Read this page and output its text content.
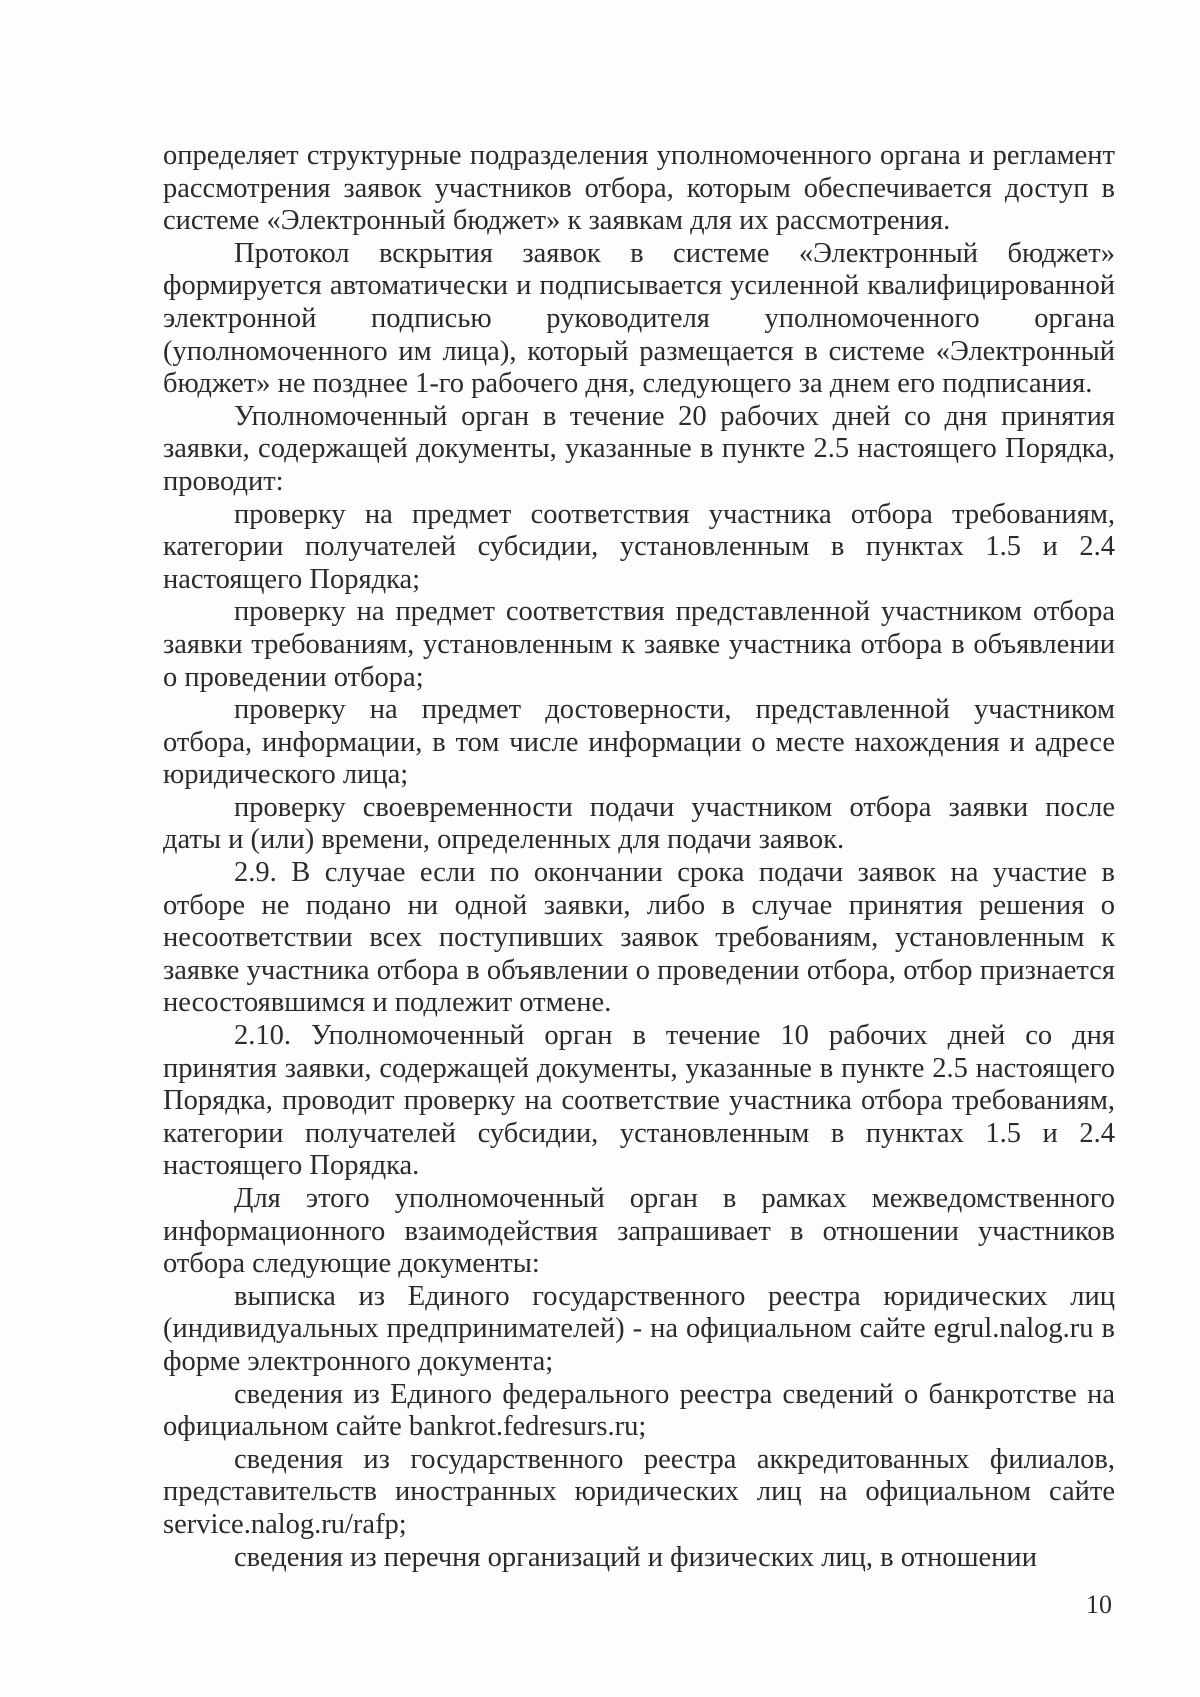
определяет структурные подразделения уполномоченного органа и регламент рассмотрения заявок участников отбора, которым обеспечивается доступ в системе «Электронный бюджет» к заявкам для их рассмотрения.

Протокол вскрытия заявок в системе «Электронный бюджет» формируется автоматически и подписывается усиленной квалифицированной электронной подписью руководителя уполномоченного органа (уполномоченного им лица), который размещается в системе «Электронный бюджет» не позднее 1-го рабочего дня, следующего за днем его подписания.

Уполномоченный орган в течение 20 рабочих дней со дня принятия заявки, содержащей документы, указанные в пункте 2.5 настоящего Порядка, проводит:

проверку на предмет соответствия участника отбора требованиям, категории получателей субсидии, установленным в пунктах 1.5 и 2.4 настоящего Порядка;

проверку на предмет соответствия представленной участником отбора заявки требованиям, установленным к заявке участника отбора в объявлении о проведении отбора;

проверку на предмет достоверности, представленной участником отбора, информации, в том числе информации о месте нахождения и адресе юридического лица;

проверку своевременности подачи участником отбора заявки после даты и (или) времени, определенных для подачи заявок.

2.9. В случае если по окончании срока подачи заявок на участие в отборе не подано ни одной заявки, либо в случае принятия решения о несоответствии всех поступивших заявок требованиям, установленным к заявке участника отбора в объявлении о проведении отбора, отбор признается несостоявшимся и подлежит отмене.

2.10. Уполномоченный орган в течение 10 рабочих дней со дня принятия заявки, содержащей документы, указанные в пункте 2.5 настоящего Порядка, проводит проверку на соответствие участника отбора требованиям, категории получателей субсидии, установленным в пунктах 1.5 и 2.4 настоящего Порядка.

Для этого уполномоченный орган в рамках межведомственного информационного взаимодействия запрашивает в отношении участников отбора следующие документы:

выписка из Единого государственного реестра юридических лиц (индивидуальных предпринимателей) - на официальном сайте egrul.nalog.ru в форме электронного документа;

сведения из Единого федерального реестра сведений о банкротстве на официальном сайте bankrot.fedresurs.ru;

сведения из государственного реестра аккредитованных филиалов, представительств иностранных юридических лиц на официальном сайте service.nalog.ru/rafp;

сведения из перечня организаций и физических лиц, в отношении

10
